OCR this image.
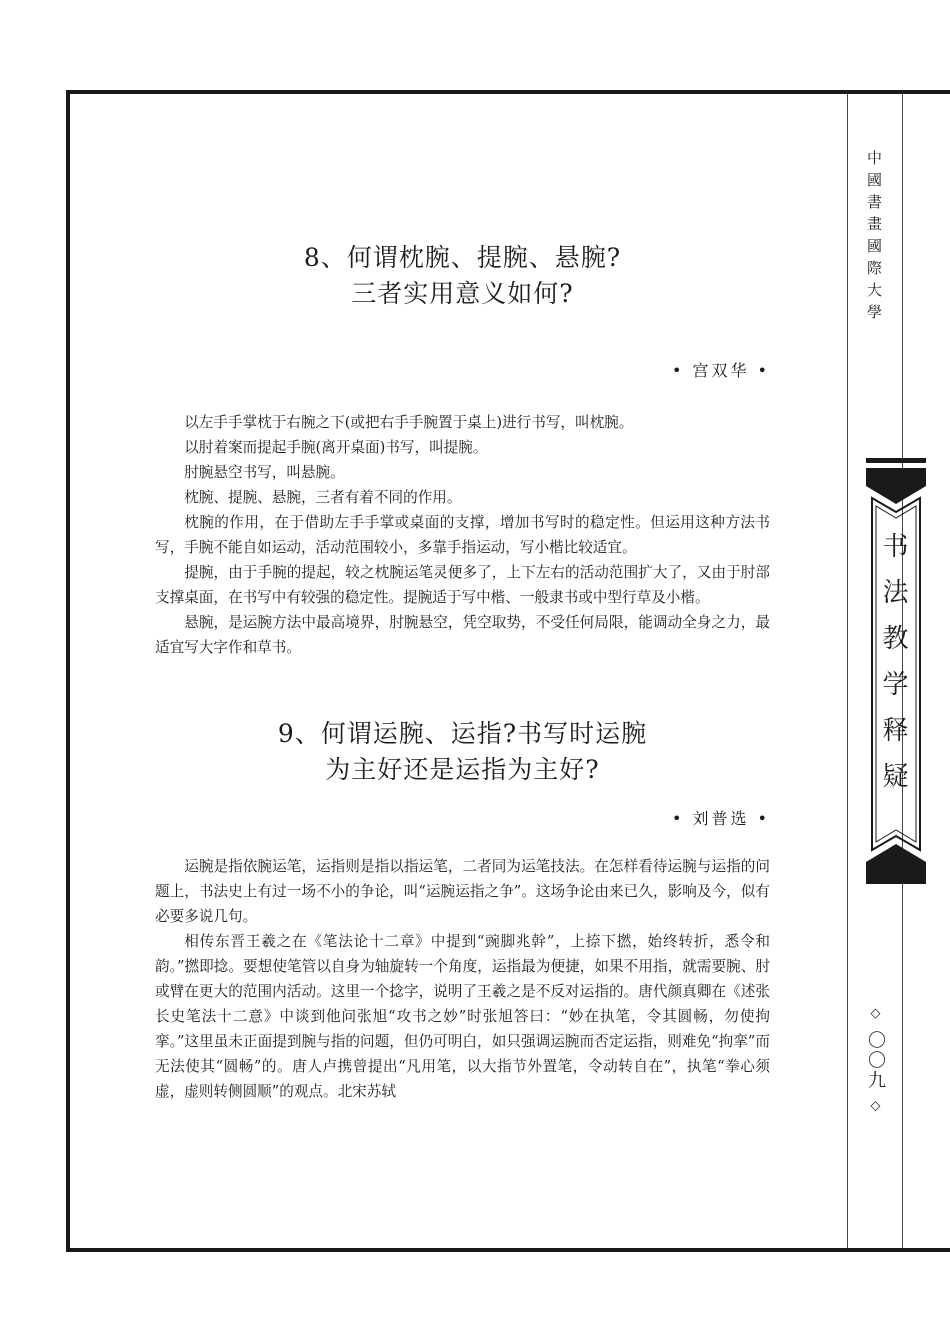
8、何谓枕腕、提腕、悬腕?

三者实用意义如何?

• 宫双华 •

以左手手掌枕于右腕之下(或把右手手腕置于桌上)进行书写，叫枕腕。

以肘着案而提起手腕(离开桌面)书写，叫提腕。

肘腕悬空书写，叫悬腕。

枕腕、提腕、悬腕，三者有着不同的作用。

枕腕的作用，在于借助左手手掌或桌面的支撑，增加书写时的稳定性。但运用这种方法书写，手腕不能自如运动，活动范围较小，多靠手指运动，写小楷比较适宜。

提腕，由于手腕的提起，较之枕腕运笔灵便多了，上下左右的活动范围扩大了，又由于肘部支撑桌面，在书写中有较强的稳定性。提腕适于写中楷、一般隶书或中型行草及小楷。

悬腕，是运腕方法中最高境界，肘腕悬空，凭空取势，不受任何局限，能调动全身之力，最适宜写大字作和草书。

9、何谓运腕、运指?书写时运腕

为主好还是运指为主好?

• 刘普选 •

运腕是指依腕运笔，运指则是指以指运笔，二者同为运笔技法。在怎样看待运腕与运指的问题上，书法史上有过一场不小的争论，叫“运腕运指之争”。这场争论由来已久，影响及今，似有必要多说几句。

相传东晋王羲之在《笔法论十二章》中提到“豌脚兆幹”，上捺下撚，始终转折，悉令和韵。”撚即捻。要想使笔管以自身为轴旋转一个角度，运指最为便捷，如果不用指，就需要腕、肘或臂在更大的范围内活动。这里一个捻字，说明了王羲之是不反对运指的。唐代颜真卿在《述张长史笔法十二意》中谈到他问张旭“攻书之妙”时张旭答曰：“妙在执笔，令其圆畅，勿使拘挛。”这里虽未正面提到腕与指的问题，但仍可明白，如只强调运腕而否定运指，则难免“拘挛”而无法使其“圆畅”的。唐人卢携曾提出“凡用笔，以大指节外置笔，令动转自在”，执笔“拳心须虚，虚则转侧圆顺”的观点。北宋苏轼

中國書畫國際大學
书法教学释疑
◇ 〇〇九 ◇
